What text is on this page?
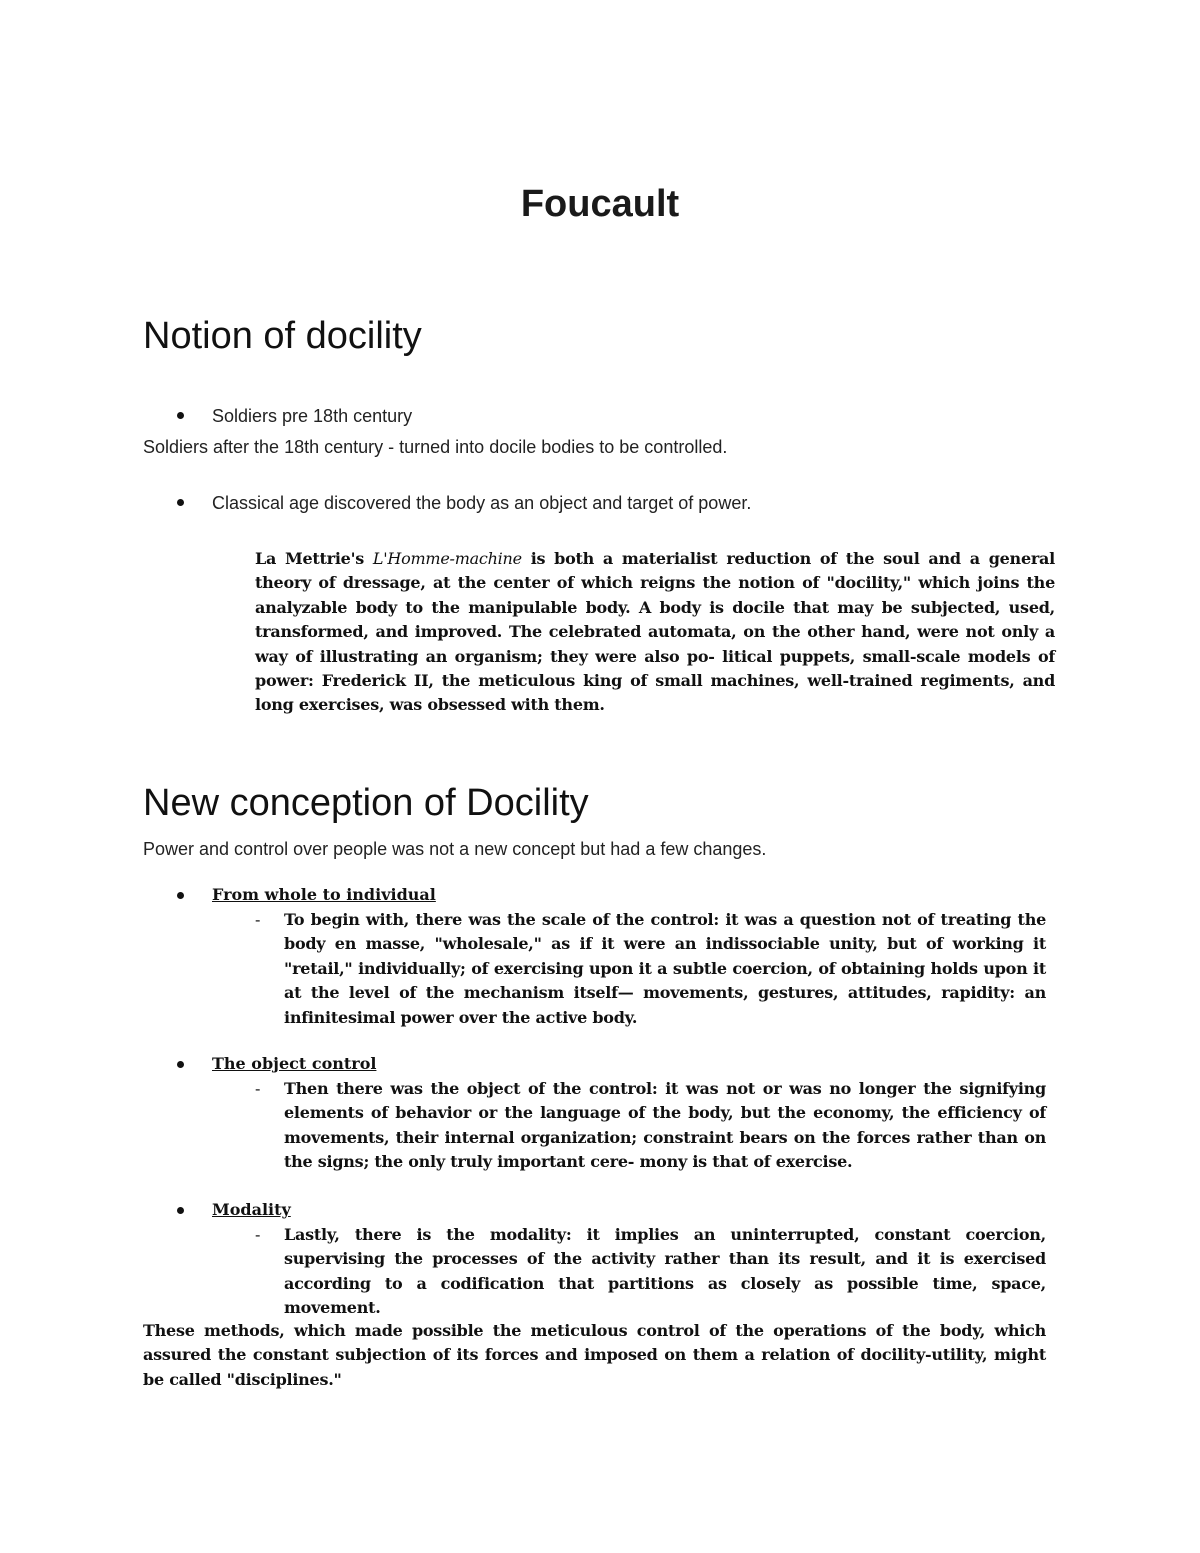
Foucault
Notion of docility
Soldiers pre 18th century
Soldiers after the 18th century - turned into docile bodies to be controlled.
Classical age discovered the body as an object and target of power.
La Mettrie's L'Homme-machine is both a materialist reduction of the soul and a general theory of dressage, at the center of which reigns the notion of "docility," which joins the analyzable body to the manipulable body. A body is docile that may be subjected, used, transformed, and improved. The celebrated automata, on the other hand, were not only a way of illustrating an organism; they were also po- litical puppets, small-scale models of power: Frederick II, the meticulous king of small machines, well-trained regiments, and long exercises, was obsessed with them.
New conception of Docility
Power and control over people was not a new concept but had a few changes.
From whole to individual
- To begin with, there was the scale of the control: it was a question not of treating the body en masse, "wholesale," as if it were an indissociable unity, but of working it "retail," individually; of exercising upon it a subtle coercion, of obtaining holds upon it at the level of the mechanism itself— movements, gestures, attitudes, rapidity: an infinitesimal power over the active body.
The object control
- Then there was the object of the control: it was not or was no longer the signifying elements of behavior or the language of the body, but the economy, the efficiency of movements, their internal organization; constraint bears on the forces rather than on the signs; the only truly important cere- mony is that of exercise.
Modality
- Lastly, there is the modality: it implies an uninterrupted, constant coercion, supervising the processes of the activity rather than its result, and it is exercised according to a codification that partitions as closely as possible time, space, movement.
These methods, which made possible the meticulous control of the operations of the body, which assured the constant subjection of its forces and imposed on them a relation of docility-utility, might be called "disciplines."
